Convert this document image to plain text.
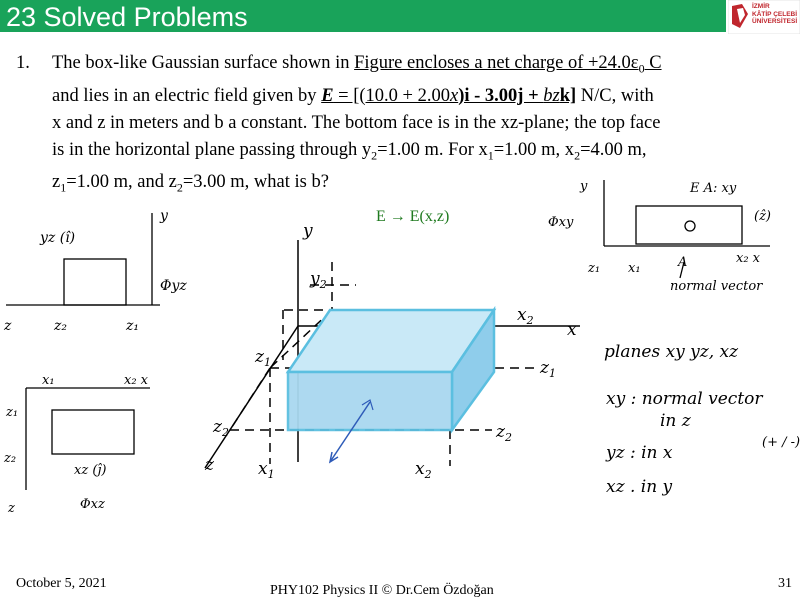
23 Solved Problems	İZMİR
KÂTİP ÇELEBİ
ÜNİVERSİTESİ
1. The box-like Gaussian surface shown in Figure encloses a net charge of $+24.0\varepsilon_0$ C
and lies in an electric field given by E = [(10.0 + 2.00x)i - 3.00j + bzk] N/C, with
x and z in meters and b a constant. The bottom face is in the xz-plane; the top face
is in the horizontal plane passing through $y_2=1.00$ m. For $x_1=1.00$ m, $x_2=4.00$ m,
$z_1=1.00$ m, and $z_2=3.00$ m, what is b?
E → E(x,z)
y
$y_2$
x
$x_2$
$z_1$	$z_1$
$z_2$	$z_2$
z	$x_1$	$x_2$
yz (î)
y
Φyz
z	z₂	z₁
x₁	x₂ x
z₁
z₂
z
xz (ĵ)
Φxz
y	E A: xy
(ẑ)
Φxy
z₁ x₁	A	x₂ x
normal vector
planes xy yz, xz
xy : normal vector
in z
yz : in x
xz . in y
(+ / -)
October 5, 2021	PHY102 Physics II © Dr.Cem Özdoğan	31
